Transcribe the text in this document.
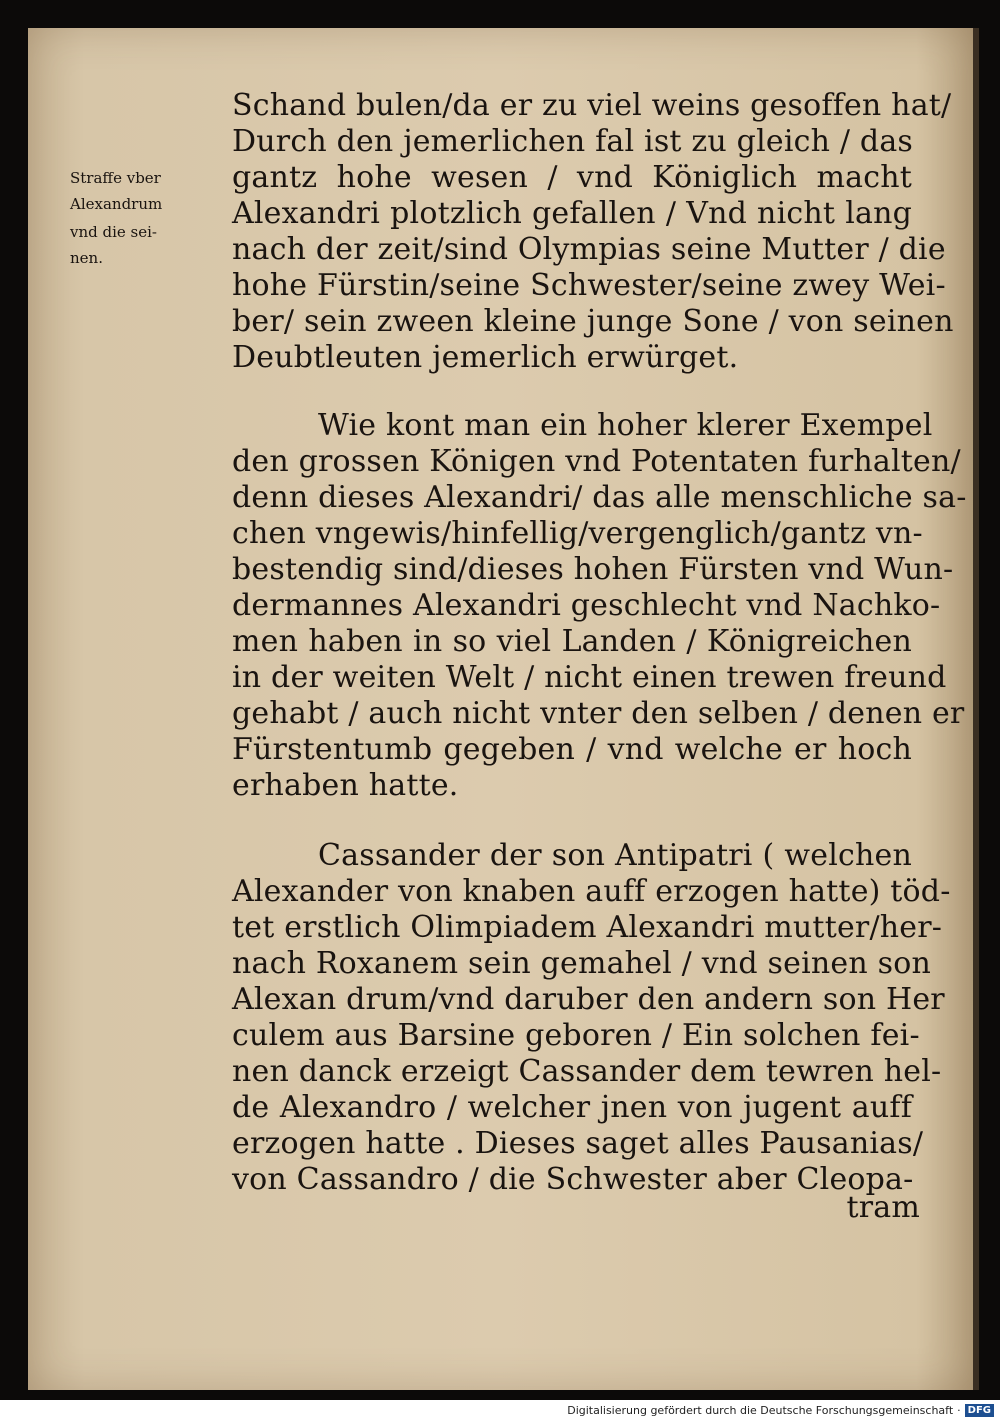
Straffe vber
Alexandrum
vnd die sei-
nen.
Schand bulen/da er zu viel weins gesoffen hat/
Durch den jemerlichen fal ist zu gleich / das
gantz hohe wesen / vnd Königlich macht
Alexandri plotzlich gefallen / Vnd nicht lang
nach der zeit/sind Olympias seine Mutter / die
hohe Fürstin/seine Schwester/seine zwey Wei-
ber/ sein zween kleine junge Sone / von seinen
Deubtleuten jemerlich erwürget.
Wie kont man ein hoher klerer Exempel
den grossen Königen vnd Potentaten furhalten/
denn dieses Alexandri/ das alle menschliche sa-
chen vngewis/hinfellig/vergenglich/gantz vn-
bestendig sind/dieses hohen Fürsten vnd Wun-
dermannes Alexandri geschlecht vnd Nachko-
men haben in so viel Landen / Königreichen
in der weiten Welt / nicht einen trewen freund
gehabt / auch nicht vnter den selben / denen er
Fürstentumb gegeben / vnd welche er hoch
erhaben hatte.
Cassander der son Antipatri ( welchen
Alexander von knaben auff erzogen hatte) töd-
tet erstlich Olimpiadem Alexandri mutter/her-
nach Roxanem sein gemahel / vnd seinen son
Alexan drum/vnd daruber den andern son Her
culem aus Barsine geboren / Ein solchen fei-
nen danck erzeigt Cassander dem tewren hel-
de Alexandro / welcher jnen von jugent auff
erzogen hatte . Dieses saget alles Pausanias/
von Cassandro / die Schwester aber Cleopa-
tram
Digitalisierung gefördert durch die Deutsche Forschungsgemeinschaft · DFG
